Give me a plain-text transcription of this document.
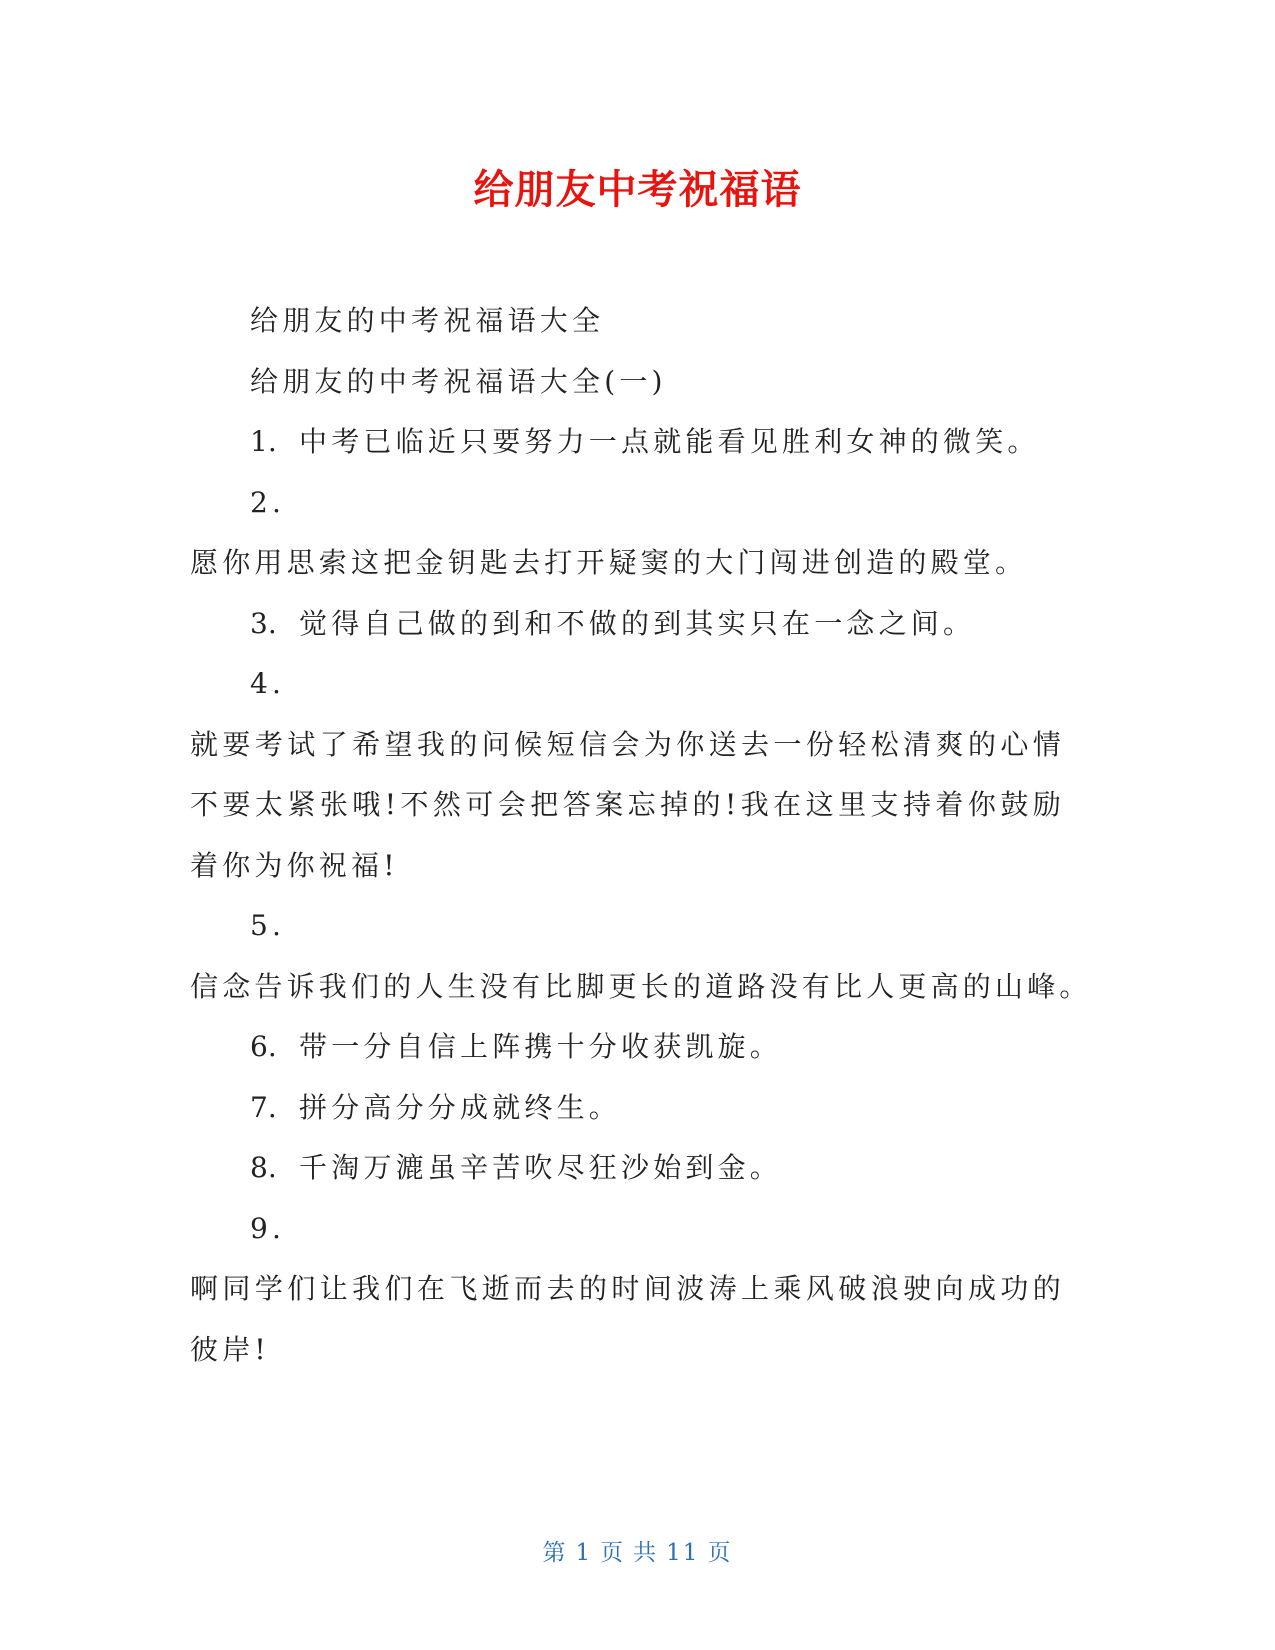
给朋友中考祝福语

给朋友的中考祝福语大全

给朋友的中考祝福语大全(一)

1. 中考已临近只要努力一点就能看见胜利女神的微笑。

2.

愿你用思索这把金钥匙去打开疑窦的大门闯进创造的殿堂。

3. 觉得自己做的到和不做的到其实只在一念之间。

4.

就要考试了希望我的问候短信会为你送去一份轻松清爽的心情不要太紧张哦!不然可会把答案忘掉的!我在这里支持着你鼓励着你为你祝福!

5.

信念告诉我们的人生没有比脚更长的道路没有比人更高的山峰。

6. 带一分自信上阵携十分收获凯旋。

7. 拼分高分分成就终生。

8. 千淘万漉虽辛苦吹尽狂沙始到金。

9.

啊同学们让我们在飞逝而去的时间波涛上乘风破浪驶向成功的彼岸!

第 1 页 共 11 页
